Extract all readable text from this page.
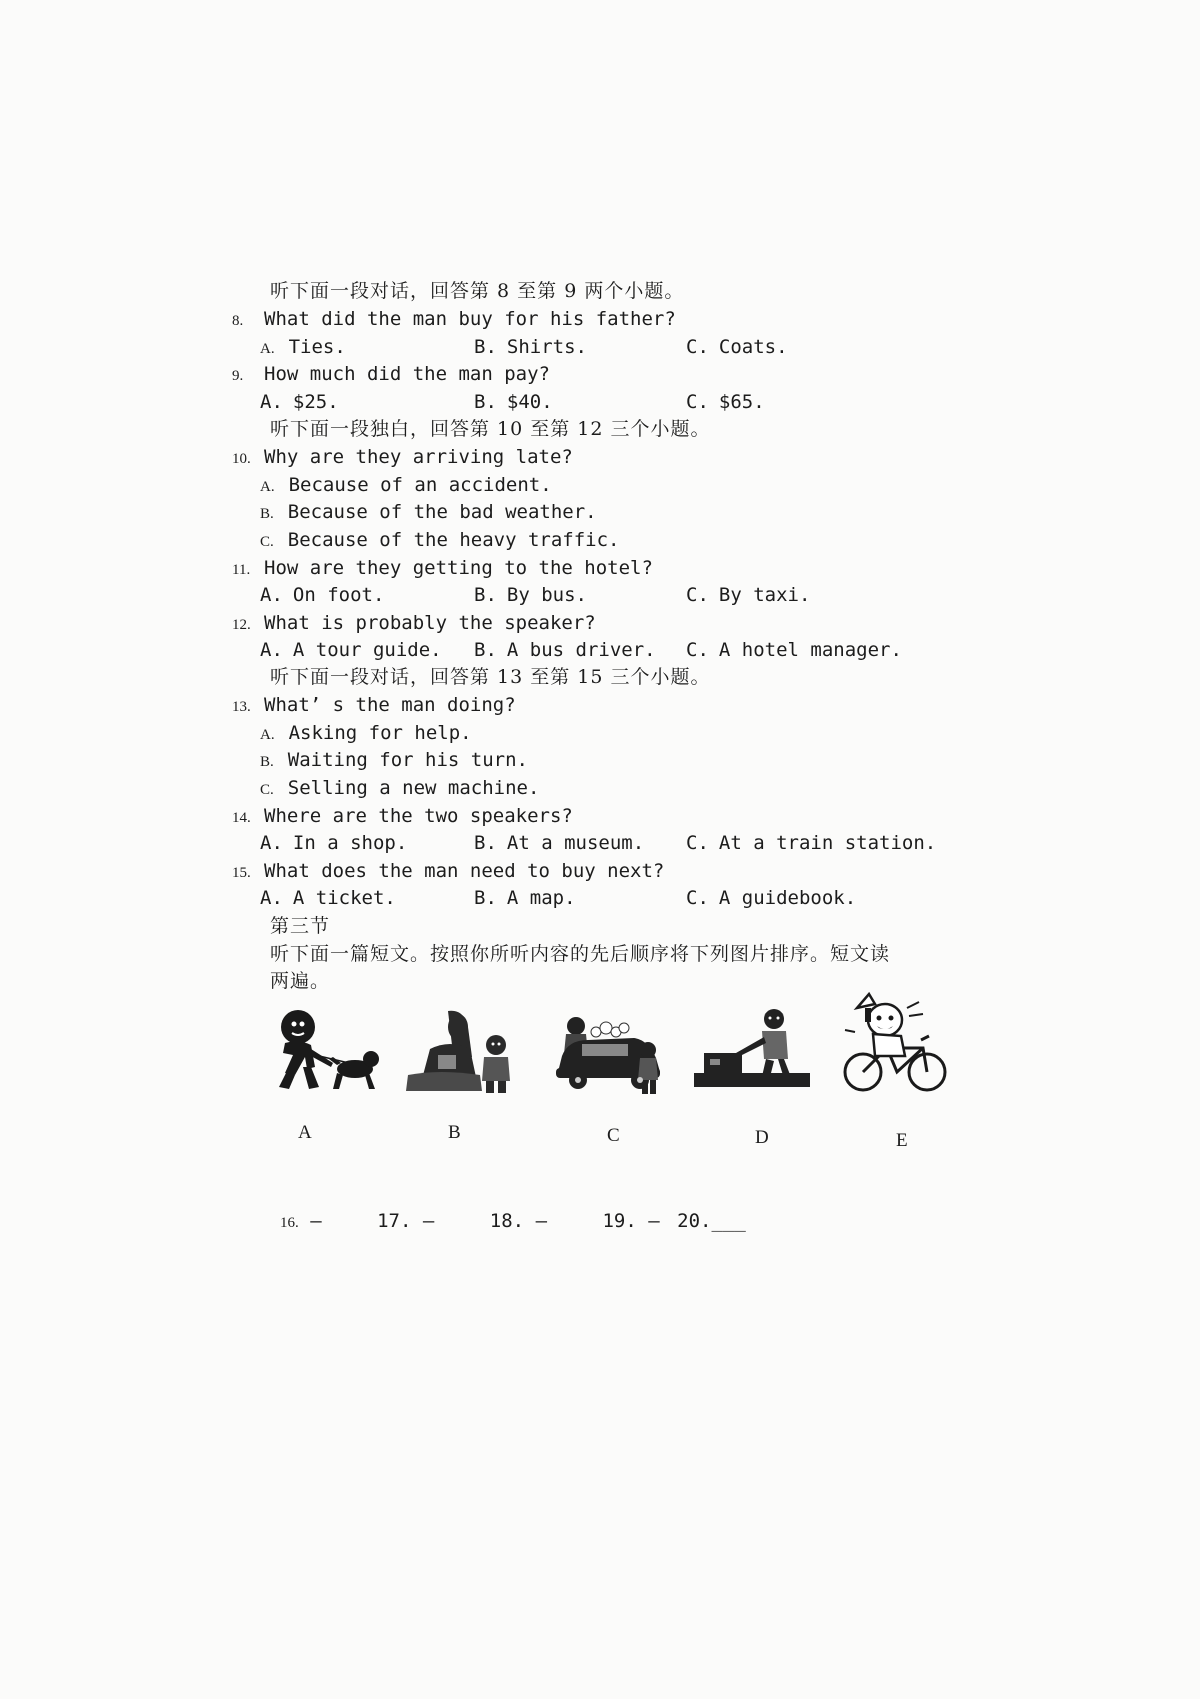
听下面一段对话，回答第 8 至第 9 两个小题。
8. What did the man buy for his father?
A. Ties.	B. Shirts.	C. Coats.
9. How much did the man pay?
A. $25.	B. $40.	C. $65.
听下面一段独白，回答第 10 至第 12 三个小题。
10. Why are they arriving late?
A. Because of an accident.
B. Because of the bad weather.
C. Because of the heavy traffic.
11. How are they getting to the hotel?
A. On foot.	B. By bus.	C. By taxi.
12. What is probably the speaker?
A. A tour guide. B. A bus driver. C. A hotel manager.
听下面一段对话，回答第 13 至第 15 三个小题。
13. What’ s the man doing?
A. Asking for help.
B. Waiting for his turn.
C. Selling a new machine.
14. Where are the two speakers?
A. In a shop.	B. At a museum. C. At a train station.
15. What does the man need to buy next?
A. A ticket.	B. A map.	C. A guidebook.
第三节
听下面一篇短文。按照你所听内容的先后顺序将下列图片排序。短文读
两遍。
A	B	C	D	E
16. —	17. —	18. —	19. — 20.___
